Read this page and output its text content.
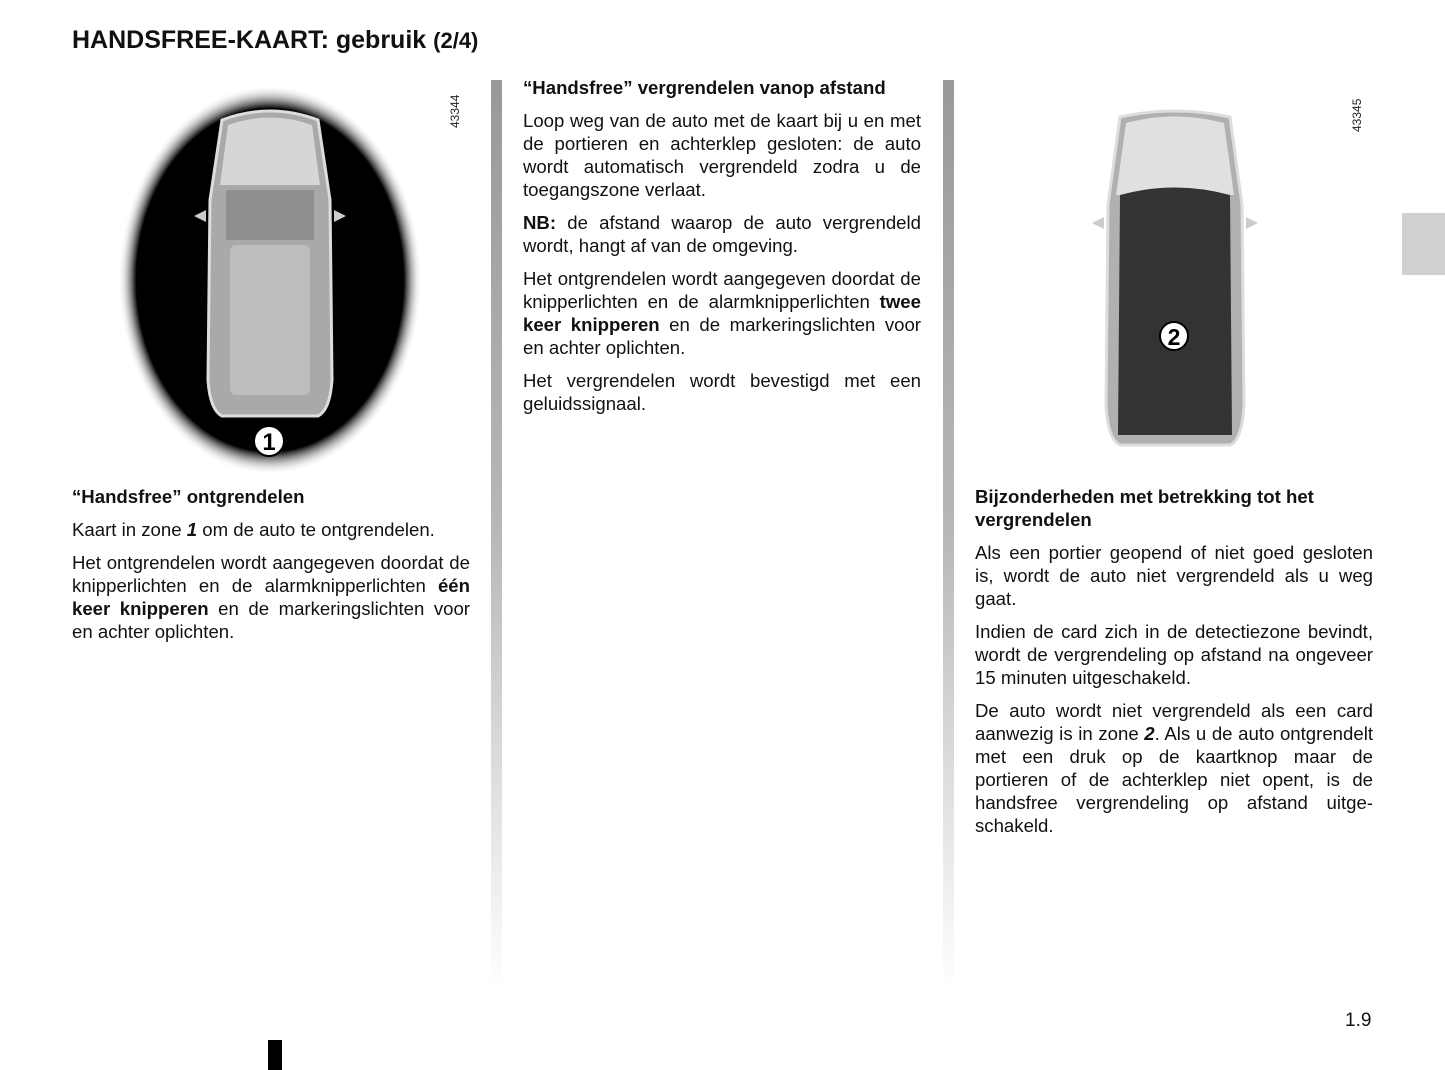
HANDSFREE-KAART: gebruik (2/4)
1
43344
2
43345
“Handsfree” ontgrendelen

Kaart in zone 1 om de auto te ontgrendelen.

Het ontgrendelen wordt aangegeven doordat de knipperlichten en de alarmknipperlichten één keer knipperen en de markeringslichten voor en achter oplichten.

“Handsfree” vergrendelen vanop afstand

Loop weg van de auto met de kaart bij u en met de portieren en achterklep gesloten: de auto wordt automatisch vergrendeld zodra u de toegangszone verlaat.

NB: de afstand waarop de auto vergrendeld wordt, hangt af van de omgeving.

Het ontgrendelen wordt aangegeven doordat de knipperlichten en de alarmknipperlichten twee keer knipperen en de markeringslichten voor en achter oplichten.

Het vergrendelen wordt bevestigd met een geluidssignaal.

Bijzonderheden met betrekking tot het vergrendelen

Als een portier geopend of niet goed gesloten is, wordt de auto niet vergrendeld als u weg gaat.

Indien de card zich in de detectiezone bevindt, wordt de vergrendeling op afstand na ongeveer 15 minuten uitgeschakeld.

De auto wordt niet vergrendeld als een card aanwezig is in zone 2. Als u de auto ontgrendelt met een druk op de kaartknop maar de portieren of de achterklep niet opent, is de handsfree vergrendeling op afstand uitgeschakeld.

1.9
